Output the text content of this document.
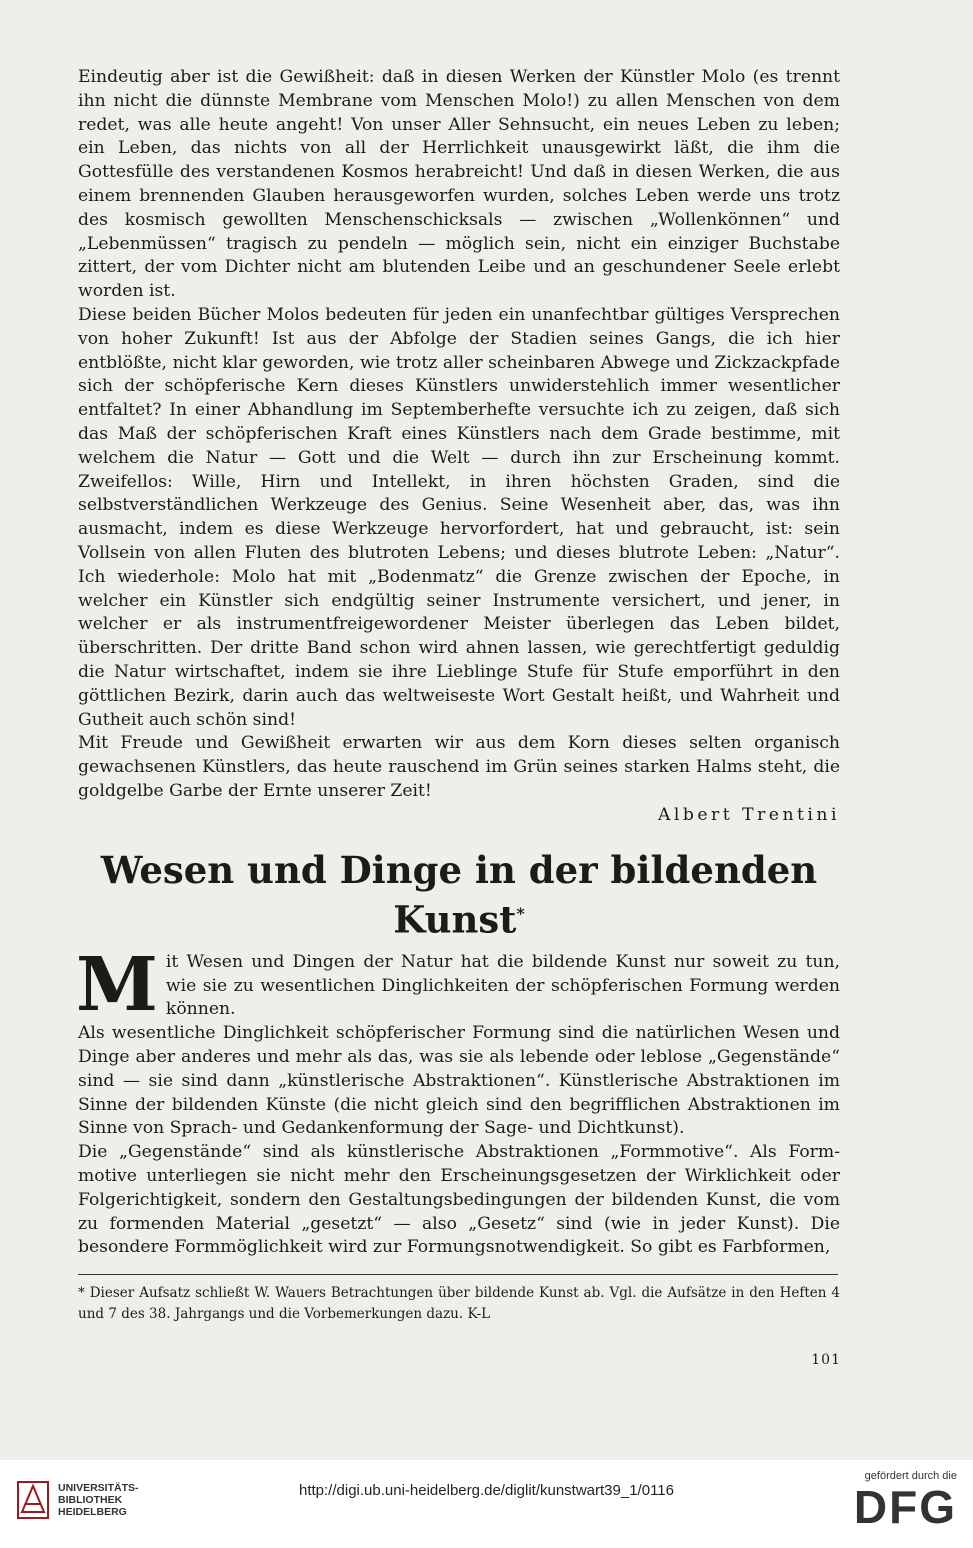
Eindeutig aber ist die Gewißheit: daß in diesen Werken der Künstler Molo (es trennt ihn nicht die dünnste Membrane vom Menschen Molo!) zu allen Menschen von dem redet, was alle heute angeht! Von unser Aller Sehnsucht, ein neues Leben zu leben; ein Leben, das nichts von all der Herrlichkeit unausgewirkt läßt, die ihm die Gottesfülle des verstandenen Kosmos herabreicht! Und daß in diesen Werken, die aus einem brennenden Glauben herausgeworfen wurden, solches Leben werde uns trotz des kosmisch gewollten Menschenschicksals — zwischen „Wollenkönnen“ und „Lebenmüssen“ tragisch zu pendeln — möglich sein, nicht ein einziger Buchstabe zittert, der vom Dichter nicht am blutenden Leibe und an geschundener Seele erlebt worden ist.

Diese beiden Bücher Molos bedeuten für jeden ein unanfechtbar gültiges Versprechen von hoher Zukunft! Ist aus der Abfolge der Stadien seines Gangs, die ich hier entblößte, nicht klar geworden, wie trotz aller scheinbaren Abwege und Zickzackpfade sich der schöpferische Kern dieses Künstlers unwiderstehlich immer wesentlicher entfaltet? In einer Abhandlung im Septemberhefte versuchte ich zu zeigen, daß sich das Maß der schöpferischen Kraft eines Künstlers nach dem Grade bestimme, mit welchem die Natur — Gott und die Welt — durch ihn zur Erscheinung kommt. Zweifellos: Wille, Hirn und Intellekt, in ihren höchsten Graden, sind die selbstverständlichen Werkzeuge des Genius. Seine Wesenheit aber, das, was ihn ausmacht, indem es diese Werkzeuge hervorfordert, hat und gebraucht, ist: sein Vollsein von allen Fluten des blutroten Lebens; und dieses blutrote Leben: „Natur“. Ich wiederhole: Molo hat mit „Bodenmatz“ die Grenze zwischen der Epoche, in welcher ein Künstler sich endgültig seiner Instrumente versichert, und jener, in welcher er als instrumentfreigewordener Meister überlegen das Leben bildet, überschritten. Der dritte Band schon wird ahnen lassen, wie gerechtfertigt geduldig die Natur wirtschaftet, indem sie ihre Lieblinge Stufe für Stufe emporführt in den göttlichen Bezirk, darin auch das weltweiseste Wort Gestalt heißt, und Wahrheit und Gutheit auch schön sind!

Mit Freude und Gewißheit erwarten wir aus dem Korn dieses selten organisch gewachsenen Künstlers, das heute rauschend im Grün seines starken Halms steht, die goldgelbe Garbe der Ernte unserer Zeit!

Albert Trentini
Wesen und Dinge in der bildenden Kunst*
M it Wesen und Dingen der Natur hat die bildende Kunst nur soweit zu tun, wie sie zu wesentlichen Dinglichkeiten der schöpferischen Formung werden können.

Als wesentliche Dinglichkeit schöpferischer Formung sind die natürlichen Wesen und Dinge aber anderes und mehr als das, was sie als lebende oder leblose „Gegenstände“ sind — sie sind dann „künstlerische Abstraktionen“. Künstlerische Abstraktionen im Sinne der bildenden Künste (die nicht gleich sind den begrifflichen Abstraktionen im Sinne von Sprach- und Gedankenformung der Sage- und Dichtkunst).

Die „Gegenstände“ sind als künstlerische Abstraktionen „Formmotive“. Als Formmotive unterliegen sie nicht mehr den Erscheinungsgesetzen der Wirklichkeit oder Folgerichtigkeit, sondern den Gestaltungsbedingungen der bildenden Kunst, die vom zu formenden Material „gesetzt“ — also „Gesetz“ sind (wie in jeder Kunst). Die besondere Formmöglichkeit wird zur Formungsnotwendigkeit. So gibt es Farbformen,

* Dieser Aufsatz schließt W. Wauers Betrachtungen über bildende Kunst ab. Vgl. die Aufsätze in den Heften 4 und 7 des 38. Jahrgangs und die Vorbemerkungen dazu. K-L

101
UNIVERSITÄTS-
BIBLIOTHEK
HEIDELBERG
http://digi.ub.uni-heidelberg.de/diglit/kunstwart39_1/0116
gefördert durch die
DFG
